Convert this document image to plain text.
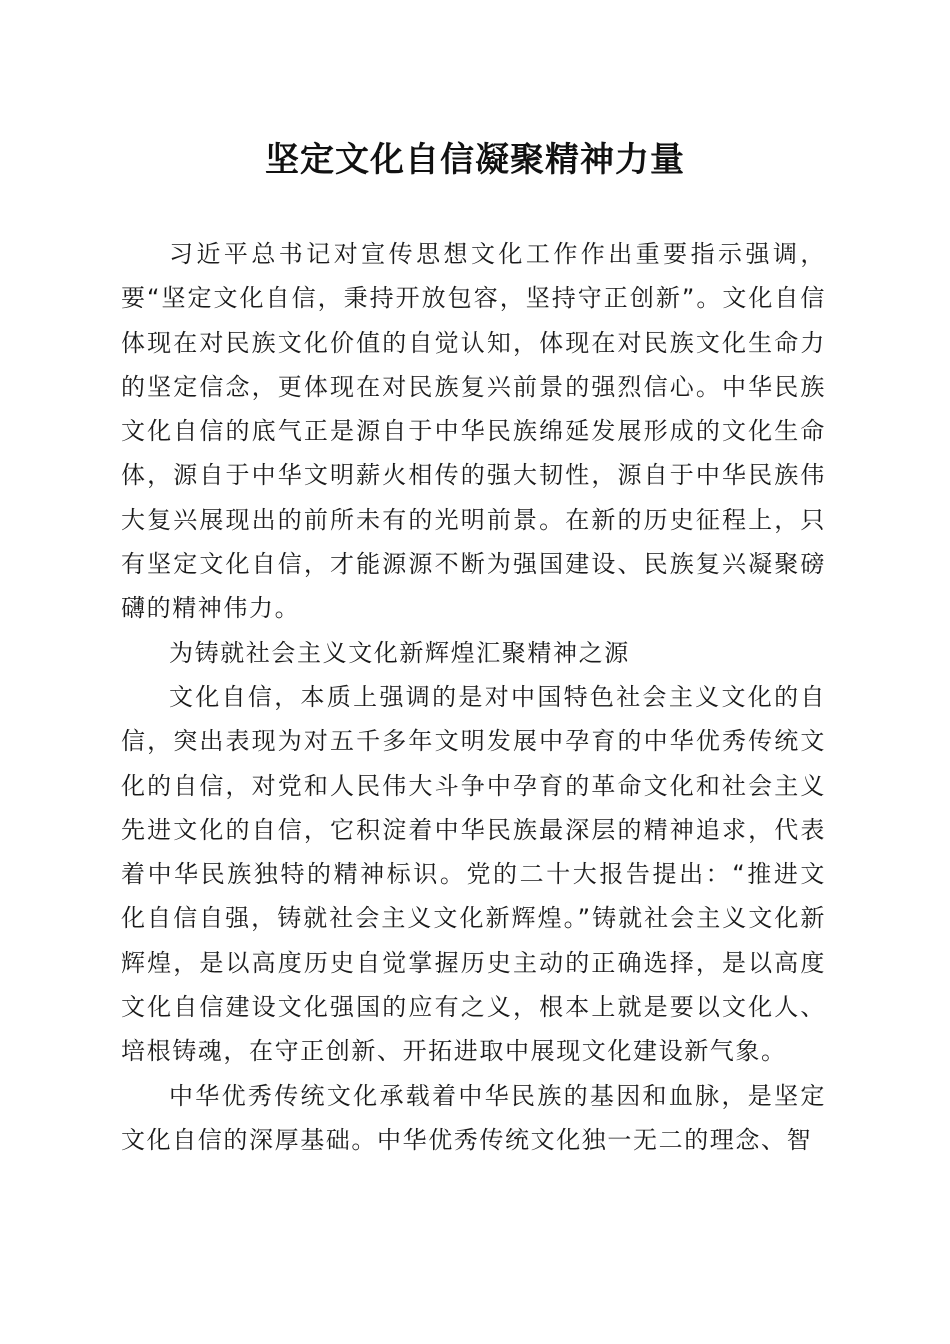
坚定文化自信凝聚精神力量

习近平总书记对宣传思想文化工作作出重要指示强调，要“坚定文化自信，秉持开放包容，坚持守正创新”。文化自信体现在对民族文化价值的自觉认知，体现在对民族文化生命力的坚定信念，更体现在对民族复兴前景的强烈信心。中华民族文化自信的底气正是源自于中华民族绵延发展形成的文化生命体，源自于中华文明薪火相传的强大韧性，源自于中华民族伟大复兴展现出的前所未有的光明前景。在新的历史征程上，只有坚定文化自信，才能源源不断为强国建设、民族复兴凝聚磅礴的精神伟力。

为铸就社会主义文化新辉煌汇聚精神之源

文化自信，本质上强调的是对中国特色社会主义文化的自信，突出表现为对五千多年文明发展中孕育的中华优秀传统文化的自信，对党和人民伟大斗争中孕育的革命文化和社会主义先进文化的自信，它积淀着中华民族最深层的精神追求，代表着中华民族独特的精神标识。党的二十大报告提出：“推进文化自信自强，铸就社会主义文化新辉煌。”铸就社会主义文化新辉煌，是以高度历史自觉掌握历史主动的正确选择，是以高度文化自信建设文化强国的应有之义，根本上就是要以文化人、培根铸魂，在守正创新、开拓进取中展现文化建设新气象。

中华优秀传统文化承载着中华民族的基因和血脉，是坚定文化自信的深厚基础。中华优秀传统文化独一无二的理念、智
